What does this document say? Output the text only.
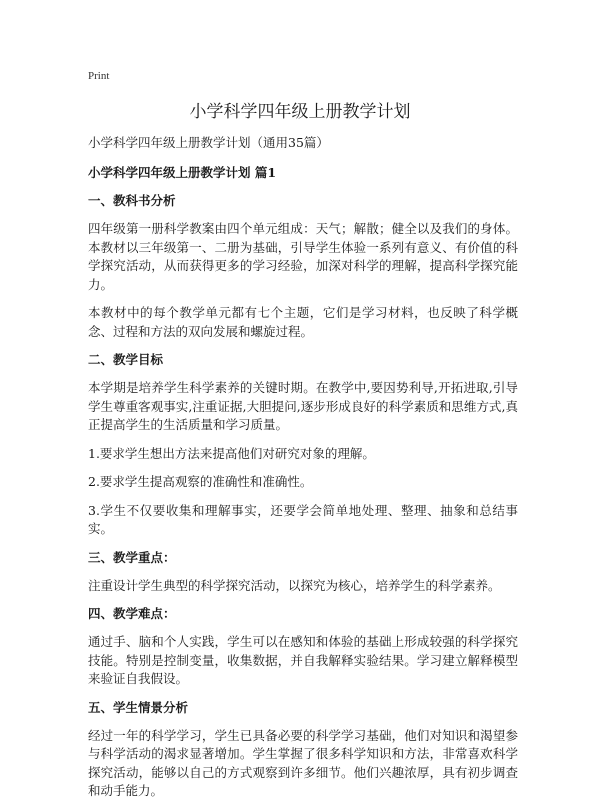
Print
小学科学四年级上册教学计划

小学科学四年级上册教学计划（通用35篇）

小学科学四年级上册教学计划 篇1

一、教科书分析

四年级第一册科学教案由四个单元组成：天气；解散；健全以及我们的身体。本教材以三年级第一、二册为基础，引导学生体验一系列有意义、有价值的科学探究活动，从而获得更多的学习经验，加深对科学的理解，提高科学探究能力。

本教材中的每个教学单元都有七个主题，它们是学习材料，也反映了科学概念、过程和方法的双向发展和螺旋过程。

二、教学目标

本学期是培养学生科学素养的关键时期。在教学中,要因势利导,开拓进取,引导学生尊重客观事实,注重证据,大胆提问,逐步形成良好的科学素质和思维方式,真正提高学生的生活质量和学习质量。

1.要求学生想出方法来提高他们对研究对象的理解。

2.要求学生提高观察的准确性和准确性。

3.学生不仅要收集和理解事实，还要学会简单地处理、整理、抽象和总结事实。

三、教学重点：

注重设计学生典型的科学探究活动，以探究为核心，培养学生的科学素养。

四、教学难点：

通过手、脑和个人实践，学生可以在感知和体验的基础上形成较强的科学探究技能。特别是控制变量，收集数据，并自我解释实验结果。学习建立解释模型来验证自我假设。

五、学生情景分析

经过一年的科学学习，学生已具备必要的科学学习基础，他们对知识和渴望参与科学活动的渴求显著增加。学生掌握了很多科学知识和方法，非常喜欢科学探究活动，能够以自己的方式观察到许多细节。他们兴趣浓厚，具有初步调查和动手能力。
